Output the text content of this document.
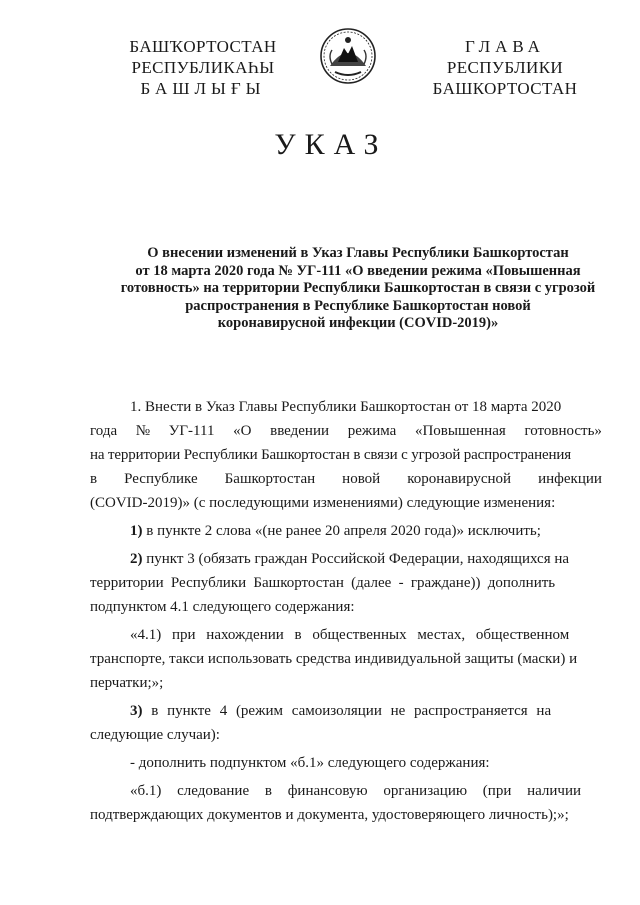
БАШҠОРТОСТАН
РЕСПУБЛИКАҺЫ
БАШЛЫҒЫ
ГЛАВА
РЕСПУБЛИКИ
БАШКОРТОСТАН
УКАЗ
О внесении изменений в Указ Главы Республики Башкортостан
от 18 марта 2020 года № УГ-111 «О введении режима «Повышенная
готовность» на территории Республики Башкортостан в связи с угрозой
распространения в Республике Башкортостан новой
коронавирусной инфекции (COVID-2019)»
1. Внести в Указ Главы Республики Башкортостан от 18 марта 2020
года № УГ-111 «О введении режима «Повышенная готовность»
на территории Республики Башкортостан в связи с угрозой распространения
в Республике Башкортостан новой коронавирусной инфекции
(COVID-2019)» (с последующими изменениями) следующие изменения:
1) в пункте 2 слова «(не ранее 20 апреля 2020 года)» исключить;
2) пункт 3 (обязать граждан Российской Федерации, находящихся на
территории Республики Башкортостан (далее - граждане)) дополнить
подпунктом 4.1 следующего содержания:
«4.1) при нахождении в общественных местах, общественном
транспорте, такси использовать средства индивидуальной защиты (маски) и
перчатки;»;
3) в пункте 4 (режим самоизоляции не распространяется на
следующие случаи):
- дополнить подпунктом «б.1» следующего содержания:
«б.1) следование в финансовую организацию (при наличии
подтверждающих документов и документа, удостоверяющего личность);»;
